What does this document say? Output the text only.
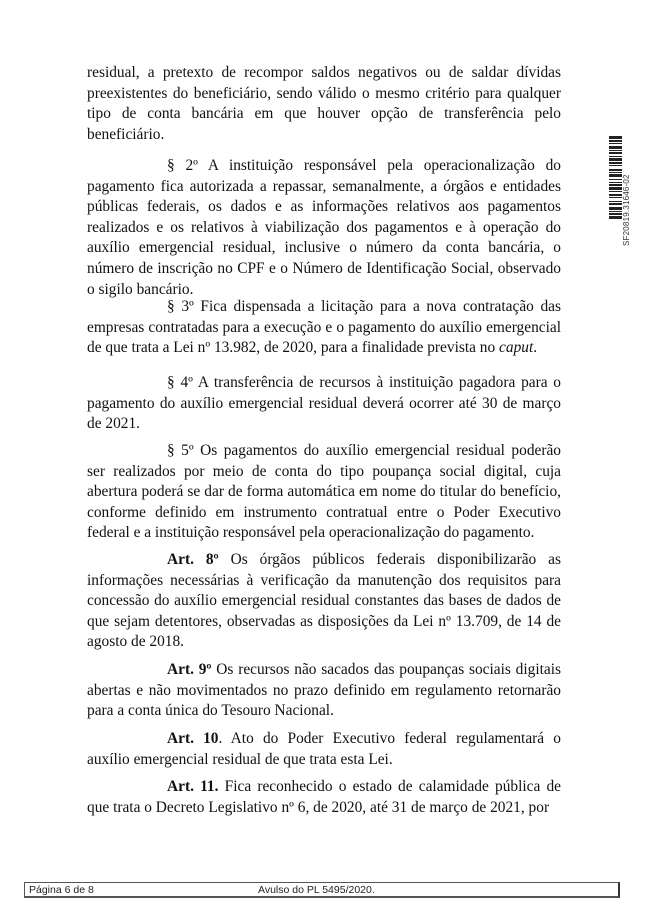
residual, a pretexto de recompor saldos negativos ou de saldar dívidas preexistentes do beneficiário, sendo válido o mesmo critério para qualquer tipo de conta bancária em que houver opção de transferência pelo beneficiário.

§ 2º A instituição responsável pela operacionalização do pagamento fica autorizada a repassar, semanalmente, a órgãos e entidades públicas federais, os dados e as informações relativos aos pagamentos realizados e os relativos à viabilização dos pagamentos e à operação do auxílio emergencial residual, inclusive o número da conta bancária, o número de inscrição no CPF e o Número de Identificação Social, observado o sigilo bancário.

§ 3º Fica dispensada a licitação para a nova contratação das empresas contratadas para a execução e o pagamento do auxílio emergencial de que trata a Lei nº 13.982, de 2020, para a finalidade prevista no caput.

§ 4º A transferência de recursos à instituição pagadora para o pagamento do auxílio emergencial residual deverá ocorrer até 30 de março de 2021.

§ 5º Os pagamentos do auxílio emergencial residual poderão ser realizados por meio de conta do tipo poupança social digital, cuja abertura poderá se dar de forma automática em nome do titular do benefício, conforme definido em instrumento contratual entre o Poder Executivo federal e a instituição responsável pela operacionalização do pagamento.

Art. 8º Os órgãos públicos federais disponibilizarão as informações necessárias à verificação da manutenção dos requisitos para concessão do auxílio emergencial residual constantes das bases de dados de que sejam detentores, observadas as disposições da Lei nº 13.709, de 14 de agosto de 2018.

Art. 9º Os recursos não sacados das poupanças sociais digitais abertas e não movimentados no prazo definido em regulamento retornarão para a conta única do Tesouro Nacional.

Art. 10. Ato do Poder Executivo federal regulamentará o auxílio emergencial residual de que trata esta Lei.

Art. 11. Fica reconhecido o estado de calamidade pública de que trata o Decreto Legislativo nº 6, de 2020, até 31 de março de 2021, por

SF20819.31646-02
Página 6 de 8	Avulso do PL 5495/2020.
